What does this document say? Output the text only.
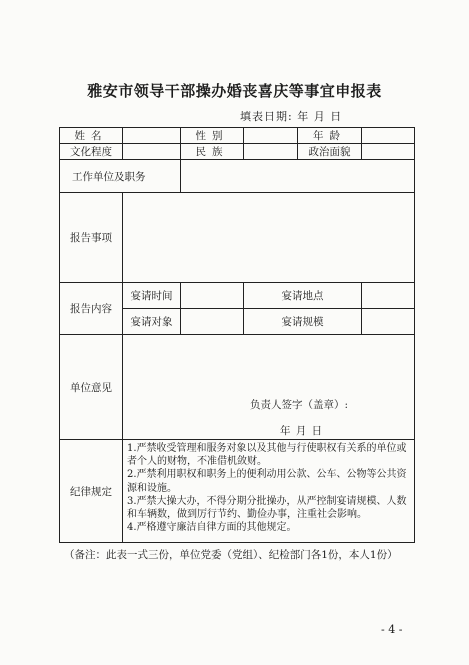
雅安市领导干部操办婚丧喜庆等事宜申报表
填表日期: 年 月 日
姓名		性别		年龄	
文化程度		民族		政治面貌	
工作单位及职务					
报告事项					
报告内容	宴请时间		宴请地点		
	宴请对象		宴请规模		
单位意见	负责人签字（盖章）:
年 月 日				

纪律规定	1.严禁收受管理和服务对象以及其他与行使职权有关系的单位或者个人的财物，不准借机敛财。
2.严禁利用职权和职务上的便利动用公款、公车、公物等公共资源和设施。
3.严禁大操大办，不得分期分批操办，从严控制宴请规模、人数和车辆数，做到厉行节约、勤俭办事，注重社会影响。
4.严格遵守廉洁自律方面的其他规定。				
（备注：此表一式三份，单位党委（党组）、纪检部门各1份，本人1份）
- 4 -
